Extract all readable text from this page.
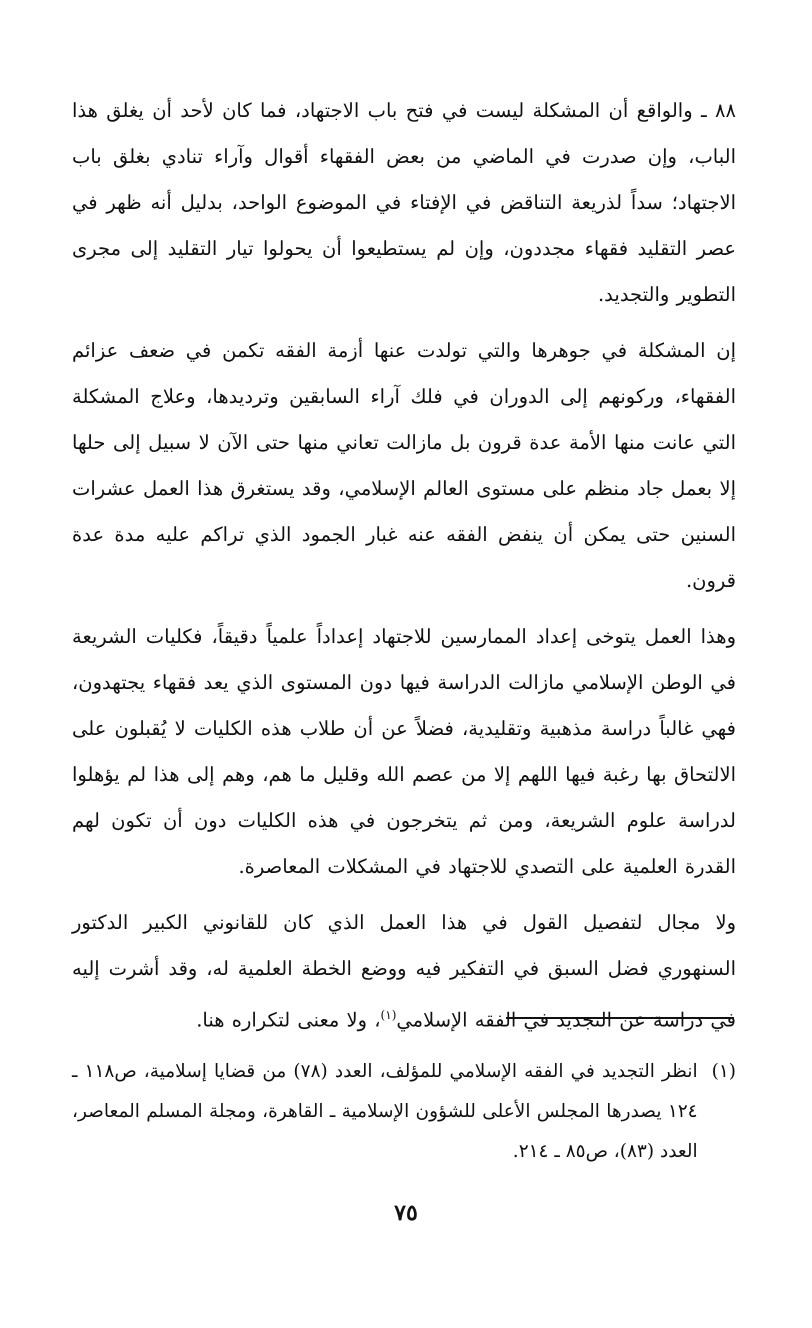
٨٨ ـ والواقع أن المشكلة ليست في فتح باب الاجتهاد، فما كان لأحد أن يغلق هذا الباب، وإن صدرت في الماضي من بعض الفقهاء أقوال وآراء تنادي بغلق باب الاجتهاد؛ سداً لذريعة التناقض في الإفتاء في الموضوع الواحد، بدليل أنه ظهر في عصر التقليد فقهاء مجددون، وإن لم يستطيعوا أن يحولوا تيار التقليد إلى مجرى التطوير والتجديد.

إن المشكلة في جوهرها والتي تولدت عنها أزمة الفقه تكمن في ضعف عزائم الفقهاء، وركونهم إلى الدوران في فلك آراء السابقين وترديدها، وعلاج المشكلة التي عانت منها الأمة عدة قرون بل مازالت تعاني منها حتى الآن لا سبيل إلى حلها إلا بعمل جاد منظم على مستوى العالم الإسلامي، وقد يستغرق هذا العمل عشرات السنين حتى يمكن أن ينفض الفقه عنه غبار الجمود الذي تراكم عليه مدة عدة قرون.

وهذا العمل يتوخى إعداد الممارسين للاجتهاد إعداداً علمياً دقيقاً، فكليات الشريعة في الوطن الإسلامي مازالت الدراسة فيها دون المستوى الذي يعد فقهاء يجتهدون، فهي غالباً دراسة مذهبية وتقليدية، فضلاً عن أن طلاب هذه الكليات لا يُقبلون على الالتحاق بها رغبة فيها اللهم إلا من عصم الله وقليل ما هم، وهم إلى هذا لم يؤهلوا لدراسة علوم الشريعة، ومن ثم يتخرجون في هذه الكليات دون أن تكون لهم القدرة العلمية على التصدي للاجتهاد في المشكلات المعاصرة.

ولا مجال لتفصيل القول في هذا العمل الذي كان للقانوني الكبير الدكتور السنهوري فضل السبق في التفكير فيه ووضع الخطة العلمية له، وقد أشرت إليه في دراسة عن التجديد في الفقه الإسلامي$^{(١)}$، ولا معنى لتكراره هنا.

(١)

انظر التجديد في الفقه الإسلامي للمؤلف، العدد (٧٨) من قضايا إسلامية، ص١١٨ ـ ١٢٤ يصدرها المجلس الأعلى للشؤون الإسلامية ـ القاهرة، ومجلة المسلم المعاصر، العدد (٨٣)، ص٨٥ ـ ٢١٤.

٧٥
